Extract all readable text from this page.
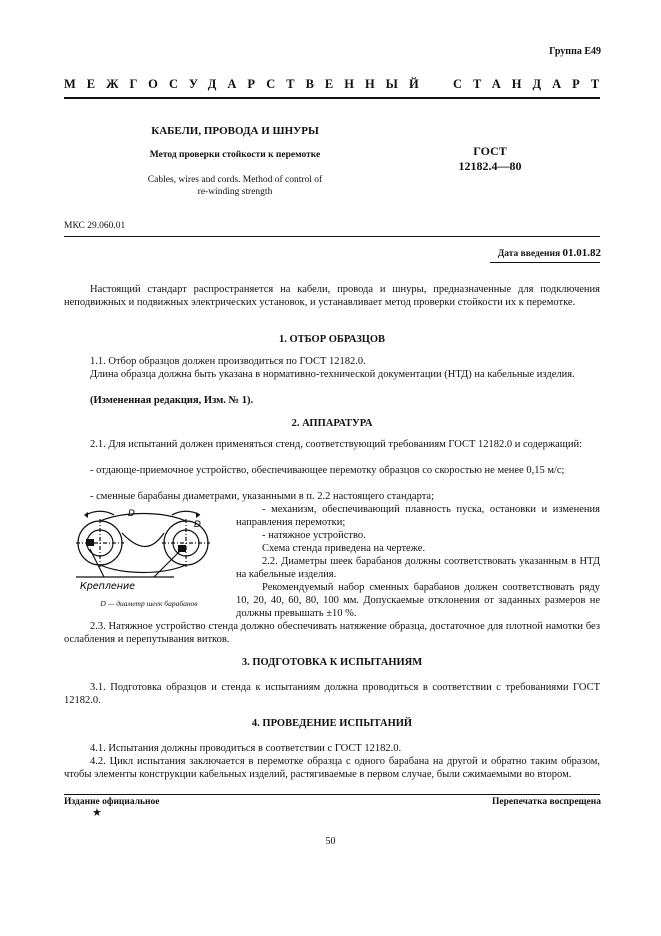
Группа Е49
МЕЖГОСУДАРСТВЕННЫЙ СТАНДАРТ
КАБЕЛИ, ПРОВОДА И ШНУРЫ
Метод проверки стойкости к перемотке
Cables, wires and cords. Method of control of
re-winding strength
ГОСТ
12182.4—80
МКС 29.060.01
Дата введения 01.01.82
Настоящий стандарт распространяется на кабели, провода и шнуры, предназначенные для подключения неподвижных и подвижных электрических установок, и устанавливает метод проверки стойкости их к перемотке.
1. ОТБОР ОБРАЗЦОВ
1.1. Отбор образцов должен производиться по ГОСТ 12182.0.
Длина образца должна быть указана в нормативно-технической документации (НТД) на кабельные изделия.
(Измененная редакция, Изм. № 1).
2. АППАРАТУРА
2.1. Для испытаний должен применяться стенд, соответствующий требованиям ГОСТ 12182.0 и содержащий:
- отдающе-приемочное устройство, обеспечивающее перемотку образцов со скоростью не менее 0,15 м/с;
- сменные барабаны диаметрами, указанными в п. 2.2 настоящего стандарта;
D
D
Крепление
D — диаметр шеек барабанов
- механизм, обеспечивающий плавность пуска, остановки и изменения направления перемотки;
- натяжное устройство.
Схема стенда приведена на чертеже.
2.2. Диаметры шеек барабанов должны соответствовать указанным в НТД на кабельные изделия.
Рекомендуемый набор сменных барабанов должен соответствовать ряду 10, 20, 40, 60, 80, 100 мм. Допускаемые отклонения от заданных размеров не должны превышать ±10 %.
2.3. Натяжное устройство стенда должно обеспечивать натяжение образца, достаточное для плотной намотки без ослабления и перепутывания витков.
3. ПОДГОТОВКА К ИСПЫТАНИЯМ
3.1. Подготовка образцов и стенда к испытаниям должна проводиться в соответствии с требованиями ГОСТ 12182.0.
4. ПРОВЕДЕНИЕ ИСПЫТАНИЙ
4.1. Испытания должны проводиться в соответствии с ГОСТ 12182.0.
4.2. Цикл испытания заключается в перемотке образца с одного барабана на другой и обратно таким образом, чтобы элементы конструкции кабельных изделий, растягиваемые в первом случае, были сжимаемыми во втором.
Издание официальное
★
Перепечатка воспрещена
50
